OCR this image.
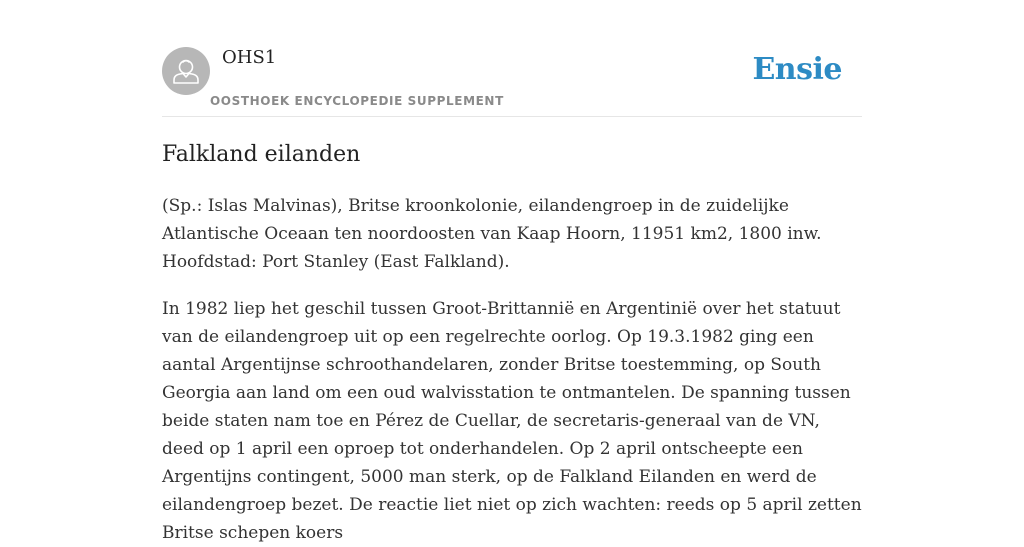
OHS1
OOSTHOEK ENCYCLOPEDIE SUPPLEMENT
Ensie
Falkland eilanden

(Sp.: Islas Malvinas), Britse kroonkolonie, eilandengroep in de zuidelijke Atlantische Oceaan ten noordoosten van Kaap Hoorn, 11951 km2, 1800 inw. Hoofdstad: Port Stanley (East Falkland).

In 1982 liep het geschil tussen Groot-Brittannië en Argentinië over het statuut van de eilandengroep uit op een regelrechte oorlog. Op 19.3.1982 ging een aantal Argentijnse schroothandelaren, zonder Britse toestemming, op South Georgia aan land om een oud walvisstation te ontmantelen. De spanning tussen beide staten nam toe en Pérez de Cuellar, de secretaris-generaal van de VN, deed op 1 april een oproep tot onderhandelen. Op 2 april ontscheepte een Argentijns contingent, 5000 man sterk, op de Falkland Eilanden en werd de eilandengroep bezet. De reactie liet niet op zich wachten: reeds op 5 april zetten Britse schepen koers
